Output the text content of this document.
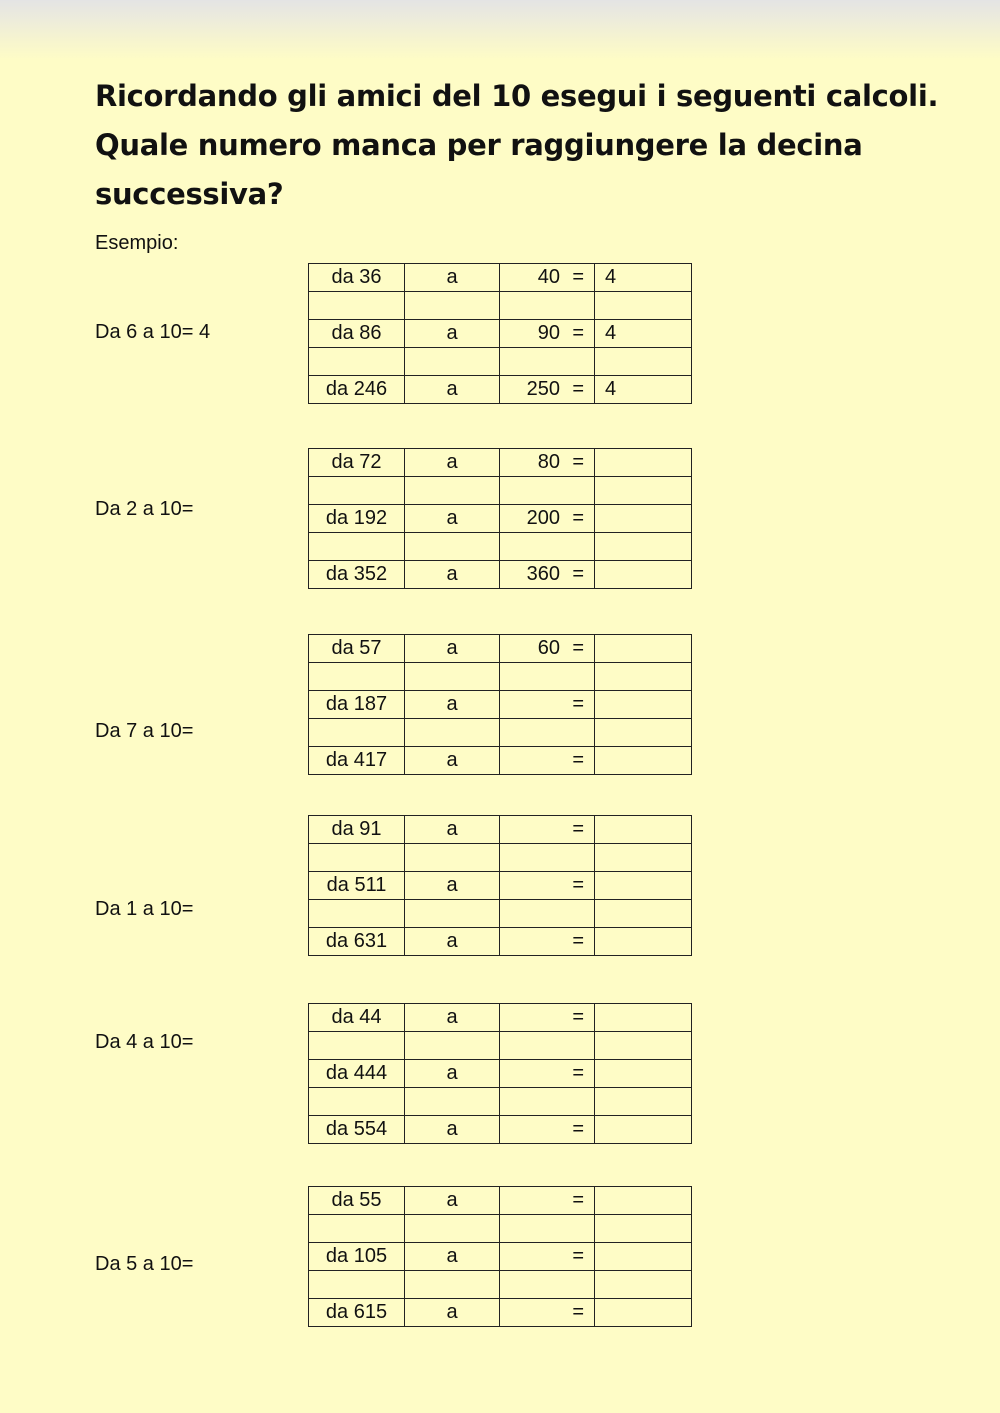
Ricordando gli amici del 10 esegui i seguenti calcoli.
Quale numero manca per raggiungere la decina
successiva?
Esempio:
Da 6 a 10= 4
da 36	a	40 =	4

da 86	a	90 =	4

da 246	a	250 =	4
Da 2 a 10=
da 72	a	80 =	

da 192	a	200 =	

da 352	a	360 =	
Da 7 a 10=
da 57	a	60 =	

da 187	a	=	

da 417	a	=	
Da 1 a 10=
da 91	a	=	

da 511	a	=	

da 631	a	=	
Da 4 a 10=
da 44	a	=	

da 444	a	=	

da 554	a	=	
Da 5 a 10=
da 55	a	=	

da 105	a	=	

da 615	a	=	
